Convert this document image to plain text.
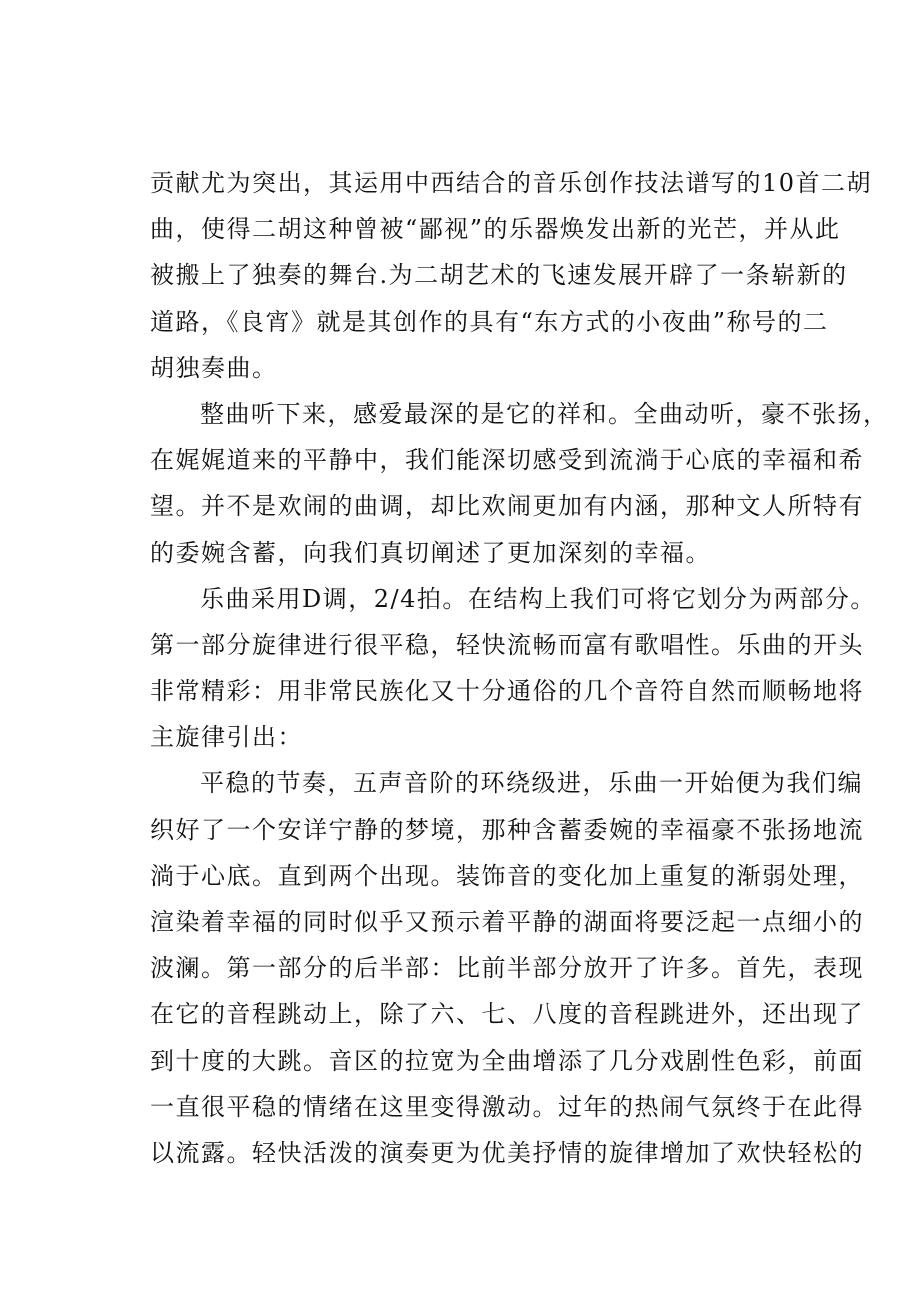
贡献尤为突出，其运用中西结合的音乐创作技法谱写的10首二胡
曲，使得二胡这种曾被“鄙视”的乐器焕发出新的光芒，并从此
被搬上了独奏的舞台.为二胡艺术的飞速发展开辟了一条崭新的
道路，《良宵》就是其创作的具有“东方式的小夜曲”称号的二
胡独奏曲。
整曲听下来，感爱最深的是它的祥和。全曲动听，豪不张扬，
在娓娓道来的平静中，我们能深切感受到流淌于心底的幸福和希
望。并不是欢闹的曲调，却比欢闹更加有内涵，那种文人所特有
的委婉含蓄，向我们真切阐述了更加深刻的幸福。
乐曲采用D调，2/4拍。在结构上我们可将它划分为两部分。
第一部分旋律进行很平稳，轻快流畅而富有歌唱性。乐曲的开头
非常精彩：用非常民族化又十分通俗的几个音符自然而顺畅地将
主旋律引出：
平稳的节奏，五声音阶的环绕级进，乐曲一开始便为我们编
织好了一个安详宁静的梦境，那种含蓄委婉的幸福豪不张扬地流
淌于心底。直到两个出现。装饰音的变化加上重复的渐弱处理，
渲染着幸福的同时似乎又预示着平静的湖面将要泛起一点细小的
波澜。第一部分的后半部：比前半部分放开了许多。首先，表现
在它的音程跳动上，除了六、七、八度的音程跳进外，还出现了
到十度的大跳。音区的拉宽为全曲增添了几分戏剧性色彩，前面
一直很平稳的情绪在这里变得激动。过年的热闹气氛终于在此得
以流露。轻快活泼的演奏更为优美抒情的旋律增加了欢快轻松的
